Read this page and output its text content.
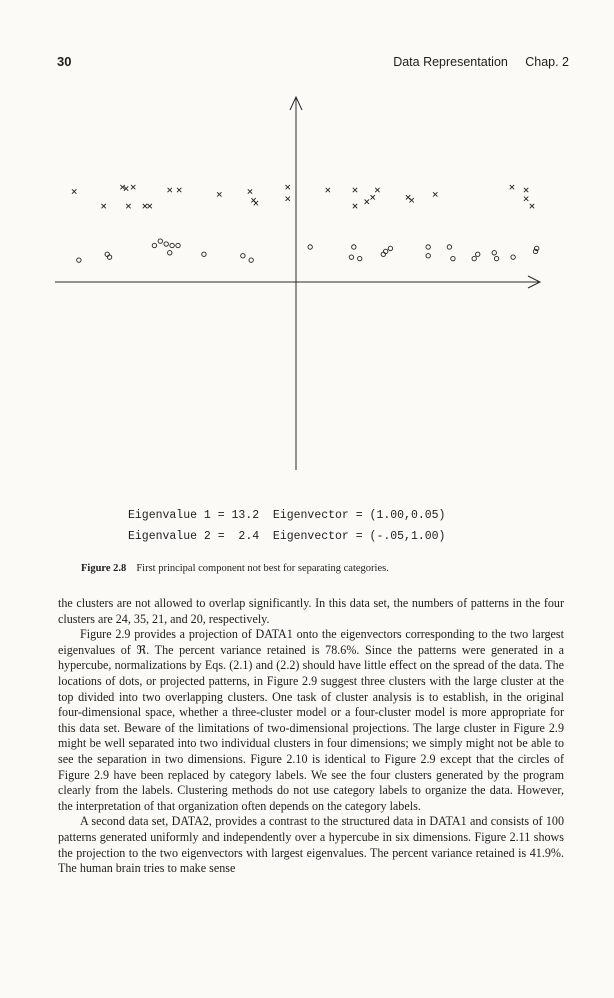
30	Data Representation Chap. 2
Eigenvalue 1 = 13.2  Eigenvector = (1.00,0.05)
Eigenvalue 2 =  2.4  Eigenvector = (-.05,1.00)
Figure 2.8 First principal component not best for separating categories.

the clusters are not allowed to overlap significantly. In this data set, the numbers of patterns in the four clusters are 24, 35, 21, and 20, respectively.

Figure 2.9 provides a projection of DATA1 onto the eigenvectors corresponding to the two largest eigenvalues of ℜ. The percent variance retained is 78.6%. Since the patterns were generated in a hypercube, normalizations by Eqs. (2.1) and (2.2) should have little effect on the spread of the data. The locations of dots, or projected patterns, in Figure 2.9 suggest three clusters with the large cluster at the top divided into two overlapping clusters. One task of cluster analysis is to establish, in the original four-dimensional space, whether a three-cluster model or a four-cluster model is more appropriate for this data set. Beware of the limitations of two-dimensional projections. The large cluster in Figure 2.9 might be well separated into two individual clusters in four dimensions; we simply might not be able to see the separation in two dimensions. Figure 2.10 is identical to Figure 2.9 except that the circles of Figure 2.9 have been replaced by category labels. We see the four clusters generated by the program clearly from the labels. Clustering methods do not use category labels to organize the data. However, the interpretation of that organization often depends on the category labels.

A second data set, DATA2, provides a contrast to the structured data in DATA1 and consists of 100 patterns generated uniformly and independently over a hypercube in six dimensions. Figure 2.11 shows the projection to the two eigenvectors with largest eigenvalues. The percent variance retained is 41.9%. The human brain tries to make sense
